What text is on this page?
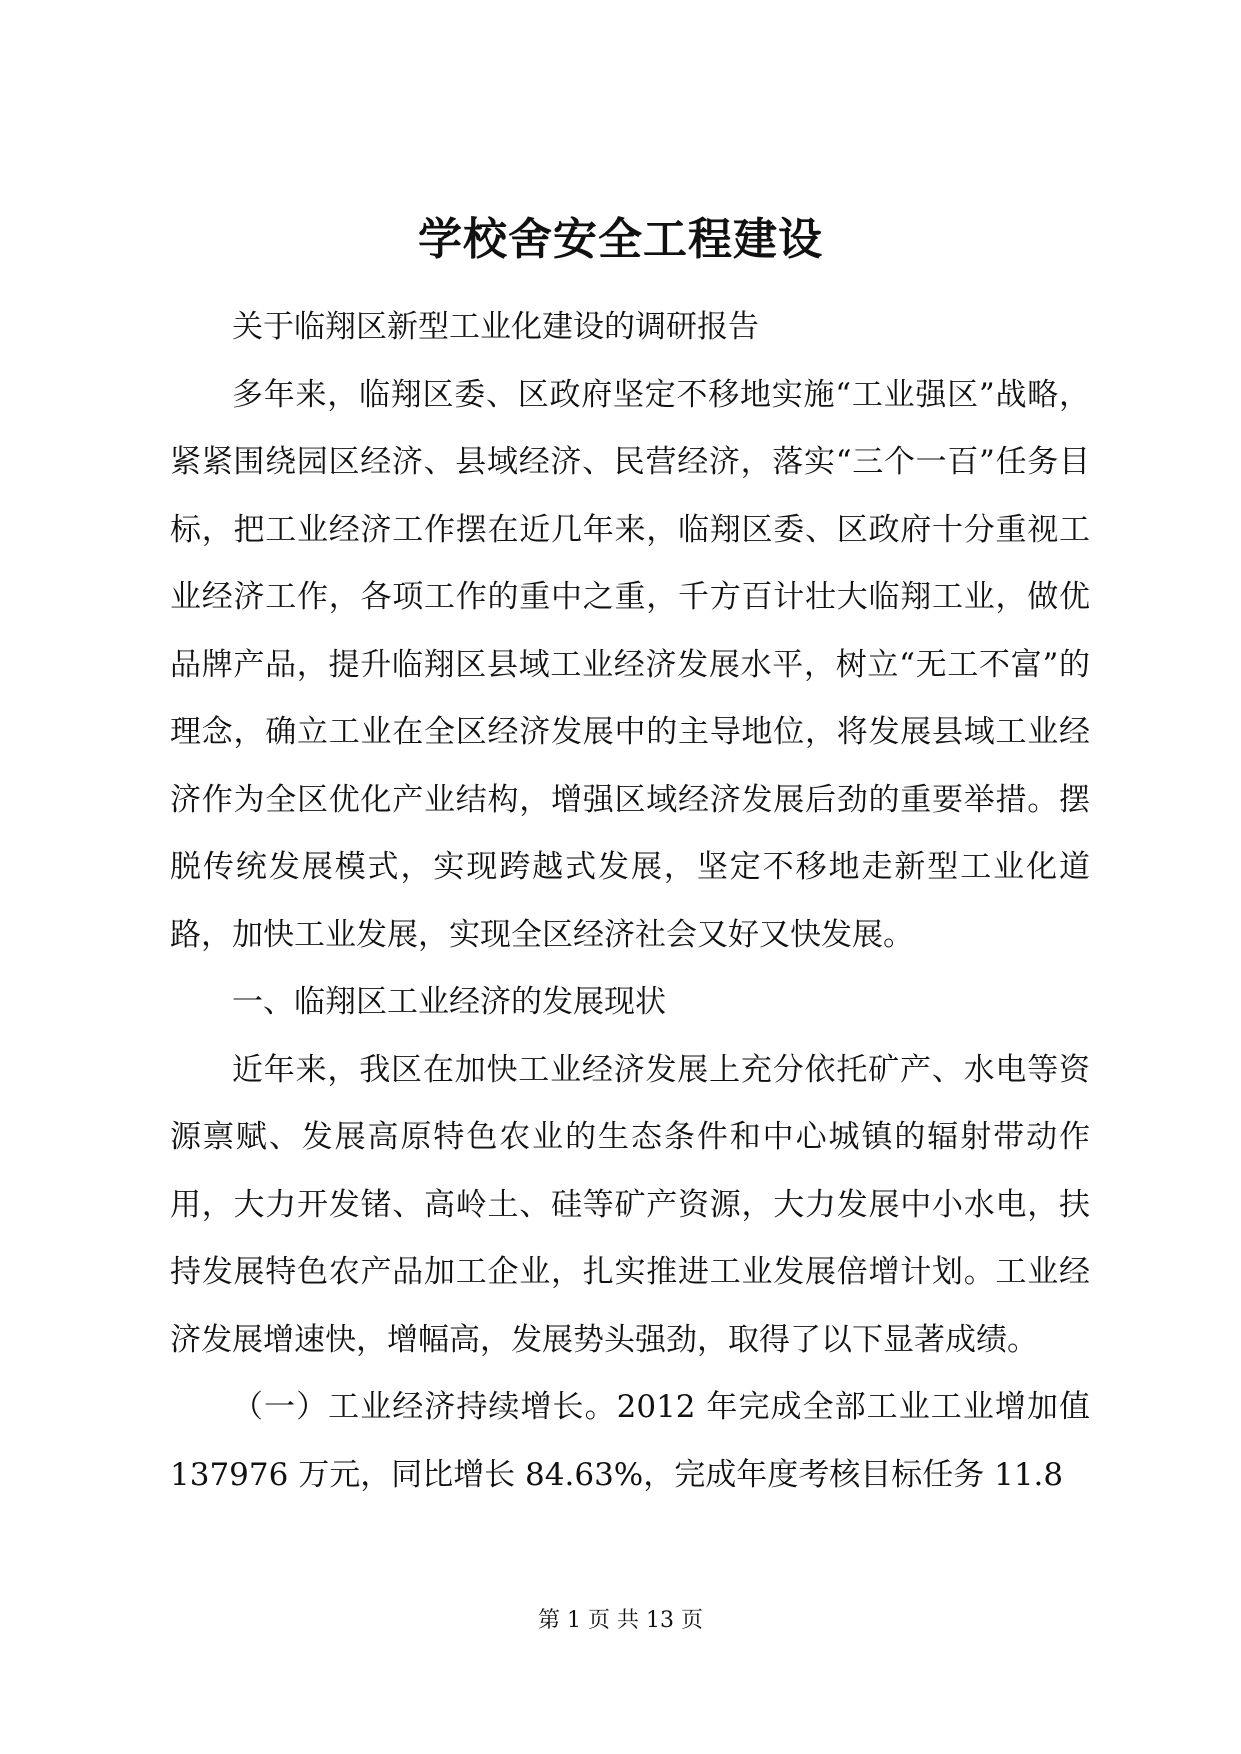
学校舍安全工程建设

关于临翔区新型工业化建设的调研报告

多年来，临翔区委、区政府坚定不移地实施“工业强区”战略，紧紧围绕园区经济、县域经济、民营经济，落实“三个一百”任务目标，把工业经济工作摆在近几年来，临翔区委、区政府十分重视工业经济工作，各项工作的重中之重，千方百计壮大临翔工业，做优品牌产品，提升临翔区县域工业经济发展水平，树立“无工不富”的理念，确立工业在全区经济发展中的主导地位，将发展县域工业经济作为全区优化产业结构，增强区域经济发展后劲的重要举措。摆脱传统发展模式，实现跨越式发展，坚定不移地走新型工业化道路，加快工业发展，实现全区经济社会又好又快发展。

一、临翔区工业经济的发展现状

近年来，我区在加快工业经济发展上充分依托矿产、水电等资源禀赋、发展高原特色农业的生态条件和中心城镇的辐射带动作用，大力开发锗、高岭土、硅等矿产资源，大力发展中小水电，扶持发展特色农产品加工企业，扎实推进工业发展倍增计划。工业经济发展增速快，增幅高，发展势头强劲，取得了以下显著成绩。

（一）工业经济持续增长。2012 年完成全部工业工业增加值 137976 万元，同比增长 84.63%，完成年度考核目标任务 11.8

第 1 页 共 13 页
